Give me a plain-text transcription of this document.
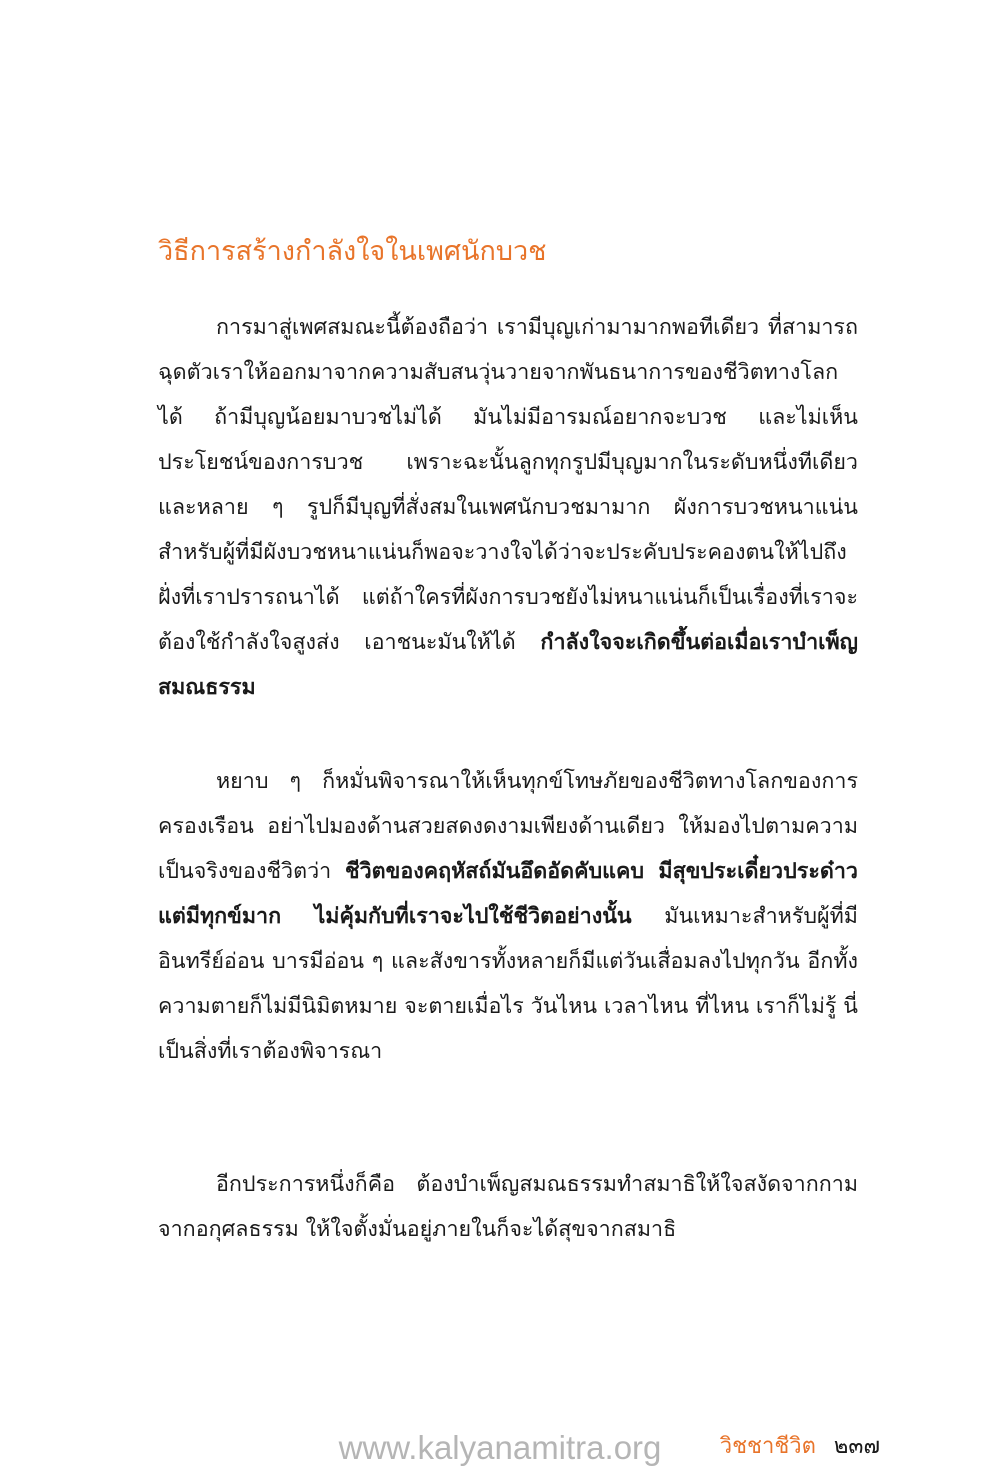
วิธีการสร้างกำลังใจในเพศนักบวช

การมาสู่เพศสมณะนี้ต้องถือว่า เรามีบุญเก่ามามากพอทีเดียว ที่สามารถฉุดตัวเราให้ออกมาจากความสับสนวุ่นวายจากพันธนาการของชีวิตทางโลกได้ ถ้ามีบุญน้อยมาบวชไม่ได้ มันไม่มีอารมณ์อยากจะบวช และไม่เห็นประโยชน์ของการบวช เพราะฉะนั้นลูกทุกรูปมีบุญมากในระดับหนึ่งทีเดียว และหลาย ๆ รูปก็มีบุญที่สั่งสมในเพศนักบวชมามาก ผังการบวชหนาแน่น สำหรับผู้ที่มีผังบวชหนาแน่นก็พอจะวางใจได้ว่าจะประคับประคองตนให้ไปถึงฝั่งที่เราปรารถนาได้ แต่ถ้าใครที่ผังการบวชยังไม่หนาแน่นก็เป็นเรื่องที่เราจะต้องใช้กำลังใจสูงส่ง เอาชนะมันให้ได้ กำลังใจจะเกิดขึ้นต่อเมื่อเราบำเพ็ญสมณธรรม

หยาบ ๆ ก็หมั่นพิจารณาให้เห็นทุกข์โทษภัยของชีวิตทางโลกของการครองเรือน อย่าไปมองด้านสวยสดงดงามเพียงด้านเดียว ให้มองไปตามความเป็นจริงของชีวิตว่า ชีวิตของคฤหัสถ์มันอึดอัดคับแคบ มีสุขประเดี๋ยวประด๋าว แต่มีทุกข์มาก ไม่คุ้มกับที่เราจะไปใช้ชีวิตอย่างนั้น มันเหมาะสำหรับผู้ที่มีอินทรีย์อ่อน บารมีอ่อน ๆ และสังขารทั้งหลายก็มีแต่วันเสื่อมลงไปทุกวัน อีกทั้งความตายก็ไม่มีนิมิตหมาย จะตายเมื่อไร วันไหน เวลาไหน ที่ไหน เราก็ไม่รู้ นี่เป็นสิ่งที่เราต้องพิจารณา

อีกประการหนึ่งก็คือ ต้องบำเพ็ญสมณธรรมทำสมาธิให้ใจสงัดจากกาม จากอกุศลธรรม ให้ใจตั้งมั่นอยู่ภายในก็จะได้สุขจากสมาธิ

วิชชาชีวิต ๒๓๗
www.kalyanamitra.org
